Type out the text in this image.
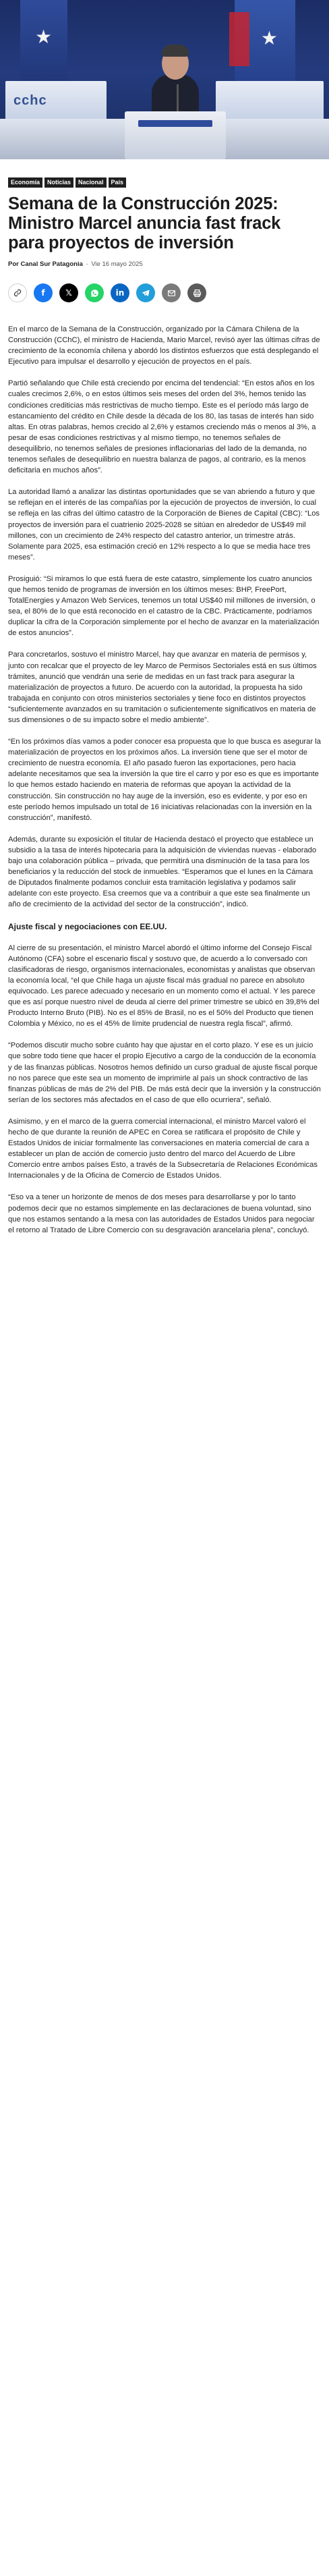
★	★
cchc
Economía	Noticias	Nacional	País
Semana de la Construcción 2025: Ministro Marcel anuncia fast frack para proyectos de inversión
Por Canal Sur Patagonia - Vie 16 mayo 2025
f	𝕏	in

En el marco de la Semana de la Construcción, organizado por la Cámara Chilena de la Construcción (CChC), el ministro de Hacienda, Mario Marcel, revisó ayer las últimas cifras de crecimiento de la economía chilena y abordó los distintos esfuerzos que está desplegando el Ejecutivo para impulsar el desarrollo y ejecución de proyectos en el país.

Partió señalando que Chile está creciendo por encima del tendencial: “En estos años en los cuales crecimos 2,6%, o en estos últimos seis meses del orden del 3%, hemos tenido las condiciones crediticias más restrictivas de mucho tiempo. Este es el período más largo de estancamiento del crédito en Chile desde la década de los 80, las tasas de interés han sido altas. En otras palabras, hemos crecido al 2,6% y estamos creciendo más o menos al 3%, a pesar de esas condiciones restrictivas y al mismo tiempo, no tenemos señales de desequilibrio, no tenemos señales de presiones inflacionarias del lado de la demanda, no tenemos señales de desequilibrio en nuestra balanza de pagos, al contrario, es la menos deficitaria en muchos años”.

La autoridad llamó a analizar las distintas oportunidades que se van abriendo a futuro y que se reflejan en el interés de las compañías por la ejecución de proyectos de inversión, lo cual se refleja en las cifras del último catastro de la Corporación de Bienes de Capital (CBC): “Los proyectos de inversión para el cuatrienio 2025-2028 se sitúan en alrededor de US$49 mil millones, con un crecimiento de 24% respecto del catastro anterior, un trimestre atrás. Solamente para 2025, esa estimación creció en 12% respecto a lo que se media hace tres meses”.

Prosiguió: “Si miramos lo que está fuera de este catastro, simplemente los cuatro anuncios que hemos tenido de programas de inversión en los últimos meses: BHP, FreePort, TotalEnergies y Amazon Web Services, tenemos un total US$40 mil millones de inversión, o sea, el 80% de lo que está reconocido en el catastro de la CBC. Prácticamente, podríamos duplicar la cifra de la Corporación simplemente por el hecho de avanzar en la materialización de estos anuncios”.

Para concretarlos, sostuvo el ministro Marcel, hay que avanzar en materia de permisos y, junto con recalcar que el proyecto de ley Marco de Permisos Sectoriales está en sus últimos trámites, anunció que vendrán una serie de medidas en un fast track para asegurar la materialización de proyectos a futuro. De acuerdo con la autoridad, la propuesta ha sido trabajada en conjunto con otros ministerios sectoriales y tiene foco en distintos proyectos “suficientemente avanzados en su tramitación o suficientemente significativos en materia de sus dimensiones o de su impacto sobre el medio ambiente”.

“En los próximos días vamos a poder conocer esa propuesta que lo que busca es asegurar la materialización de proyectos en los próximos años. La inversión tiene que ser el motor de crecimiento de nuestra economía. El año pasado fueron las exportaciones, pero hacia adelante necesitamos que sea la inversión la que tire el carro y por eso es que es importante lo que hemos estado haciendo en materia de reformas que apoyan la actividad de la construcción. Sin construcción no hay auge de la inversión, eso es evidente, y por eso en este período hemos impulsado un total de 16 iniciativas relacionadas con la inversión en la construcción”, manifestó.

Además, durante su exposición el titular de Hacienda destacó el proyecto que establece un subsidio a la tasa de interés hipotecaria para la adquisición de viviendas nuevas - elaborado bajo una colaboración pública – privada, que permitirá una disminución de la tasa para los beneficiarios y la reducción del stock de inmuebles. “Esperamos que el lunes en la Cámara de Diputados finalmente podamos concluir esta tramitación legislativa y podamos salir adelante con este proyecto. Esa creemos que va a contribuir a que este sea finalmente un año de crecimiento de la actividad del sector de la construcción”, indicó.

Ajuste fiscal y negociaciones con EE.UU.

Al cierre de su presentación, el ministro Marcel abordó el último informe del Consejo Fiscal Autónomo (CFA) sobre el escenario fiscal y sostuvo que, de acuerdo a lo conversado con clasificadoras de riesgo, organismos internacionales, economistas y analistas que observan la economía local, “el que Chile haga un ajuste fiscal más gradual no parece en absoluto equivocado. Les parece adecuado y necesario en un momento como el actual. Y les parece que es así porque nuestro nivel de deuda al cierre del primer trimestre se ubicó en 39,8% del Producto Interno Bruto (PIB). No es el 85% de Brasil, no es el 50% del Producto que tienen Colombia y México, no es el 45% de límite prudencial de nuestra regla fiscal”, afirmó.

“Podemos discutir mucho sobre cuánto hay que ajustar en el corto plazo. Y ese es un juicio que sobre todo tiene que hacer el propio Ejecutivo a cargo de la conducción de la economía y de las finanzas públicas. Nosotros hemos definido un curso gradual de ajuste fiscal porque no nos parece que este sea un momento de imprimirle al país un shock contractivo de las finanzas públicas de más de 2% del PIB. De más está decir que la inversión y la construcción serían de los sectores más afectados en el caso de que ello ocurriera”, señaló.

Asimismo, y en el marco de la guerra comercial internacional, el ministro Marcel valoró el hecho de que durante la reunión de APEC en Corea se ratificara el propósito de Chile y Estados Unidos de iniciar formalmente las conversaciones en materia comercial de cara a establecer un plan de acción de comercio justo dentro del marco del Acuerdo de Libre Comercio entre ambos países Esto, a través de la Subsecretaría de Relaciones Económicas Internacionales y de la Oficina de Comercio de Estados Unidos.

“Eso va a tener un horizonte de menos de dos meses para desarrollarse y por lo tanto podemos decir que no estamos simplemente en las declaraciones de buena voluntad, sino que nos estamos sentando a la mesa con las autoridades de Estados Unidos para negociar el retorno al Tratado de Libre Comercio con su desgravación arancelaria plena”, concluyó.
